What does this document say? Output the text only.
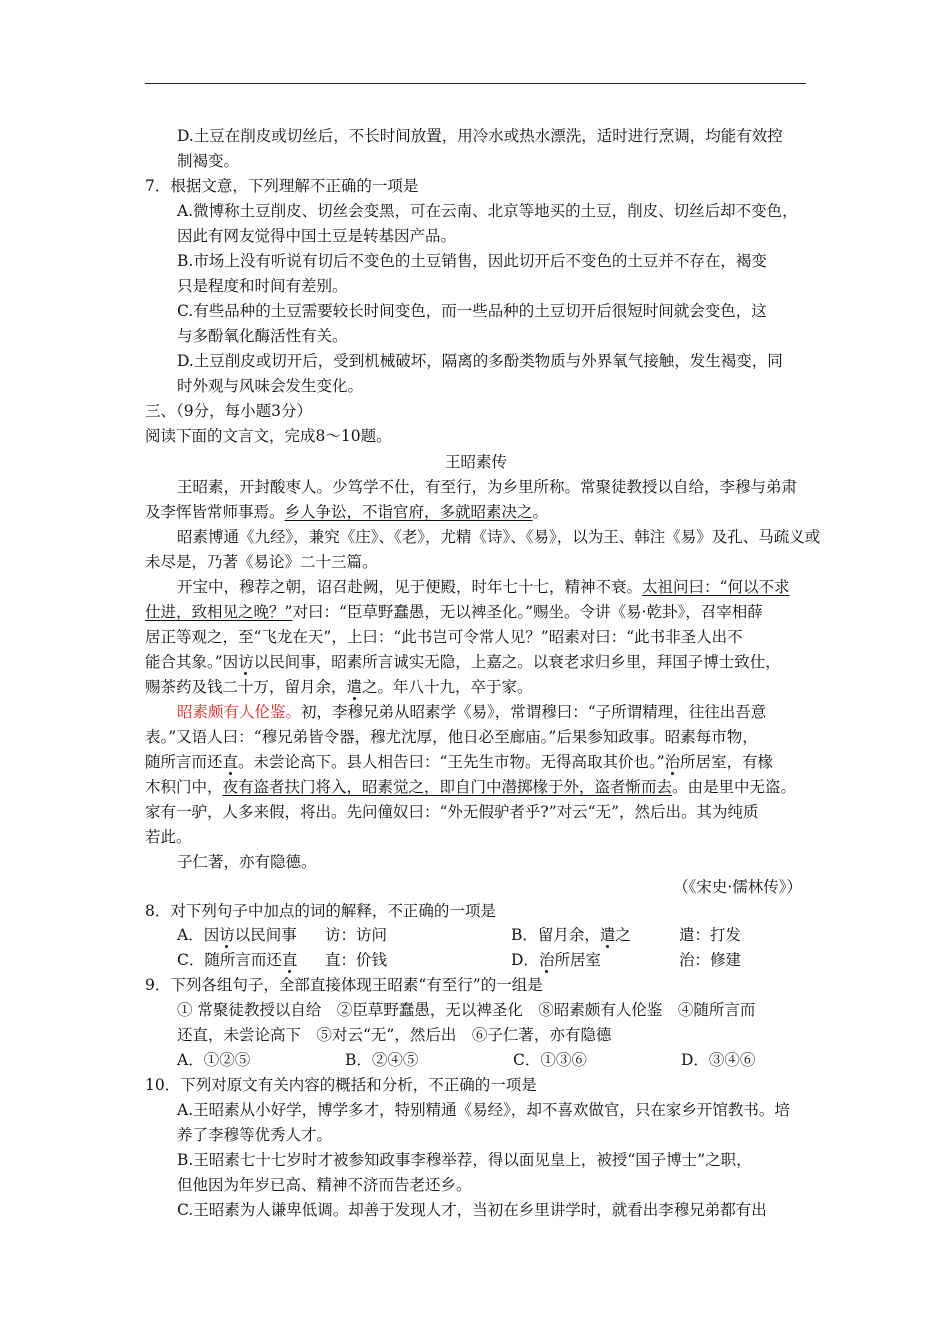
D.土豆在削皮或切丝后，不长时间放置，用冷水或热水漂洗，适时进行烹调，均能有效控
制褐变。
7．根据文意，下列理解不正确的一项是
A.微博称土豆削皮、切丝会变黑，可在云南、北京等地买的土豆，削皮、切丝后却不变色，
因此有网友觉得中国土豆是转基因产品。
B.市场上没有听说有切后不变色的土豆销售，因此切开后不变色的土豆并不存在，褐变
只是程度和时间有差别。
C.有些品种的土豆需要较长时间变色，而一些品种的土豆切开后很短时间就会变色，这
与多酚氧化酶活性有关。
D.土豆削皮或切开后，受到机械破坏，隔离的多酚类物质与外界氧气接触，发生褐变，同
时外观与风味会发生变化。
三、（9分，每小题3分）
阅读下面的文言文，完成8～10题。
王昭素传
王昭素，开封酸枣人。少笃学不仕，有至行，为乡里所称。常聚徒教授以自给，李穆与弟肃
及李恽皆常师事焉。乡人争讼，不诣官府，多就昭素决之。
昭素博通《九经》，兼究《庄》、《老》，尤精《诗》、《易》，以为王、韩注《易》及孔、马疏义或
未尽是，乃著《易论》二十三篇。
开宝中，穆荐之朝，诏召赴阙，见于便殿，时年七十七，精神不衰。太祖问曰：“何以不求
仕进，致相见之晚？”对曰：“臣草野蠢愚，无以裨圣化。”赐坐。令讲《易·乾卦》，召宰相薛
居正等观之，至“飞龙在天”，上曰：“此书岂可令常人见？”昭素对曰：“此书非圣人出不
能合其象。”因访以民间事，昭素所言诚实无隐，上嘉之。以衰老求归乡里，拜国子博士致仕，
赐茶药及钱二十万，留月余，遣之。年八十九，卒于家。
昭素颇有人伦鉴。初，李穆兄弟从昭素学《易》，常谓穆曰：“子所谓精理，往往出吾意
表。”又语人曰：“穆兄弟皆令器，穆尤沈厚，他日必至廊庙。”后果参知政事。昭素每市物，
随所言而还直。未尝论高下。县人相告曰：“王先生市物。无得高取其价也。”治所居室，有椽
木积门中，夜有盗者扶门将入，昭素觉之，即自门中潜掷椽于外，盗者惭而去。由是里中无盗。
家有一驴，人多来假，将出。先问僮奴曰：“外无假驴者乎?”对云“无”，然后出。其为纯质
若此。
子仁著，亦有隐德。
（《宋史·儒林传》）
8．对下列句子中加点的词的解释，不正确的一项是
A．因访以民间事 访：访问	B．留月余，遣之	遣：打发
C．随所言而还直 直：价钱	D．治所居室	治：修建
9．下列各组句子，全部直接体现王昭素“有至行”的一组是
① 常聚徒教授以自给　②臣草野蠢愚，无以裨圣化　⑧昭素颇有人伦鉴　④随所言而
还直，未尝论高下　⑤对云“无”，然后出　⑥子仁著，亦有隐德
A．①②⑤	B．②④⑤	C．①③⑥	D．③④⑥
10．下列对原文有关内容的概括和分析，不正确的一项是
A.王昭素从小好学，博学多才，特别精通《易经》，却不喜欢做官，只在家乡开馆教书。培
养了李穆等优秀人才。
B.王昭素七十七岁时才被参知政事李穆举荐，得以面见皇上，被授“国子博士”之职，
但他因为年岁已高、精神不济而告老还乡。
C.王昭素为人谦卑低调。却善于发现人才，当初在乡里讲学时，就看出李穆兄弟都有出
